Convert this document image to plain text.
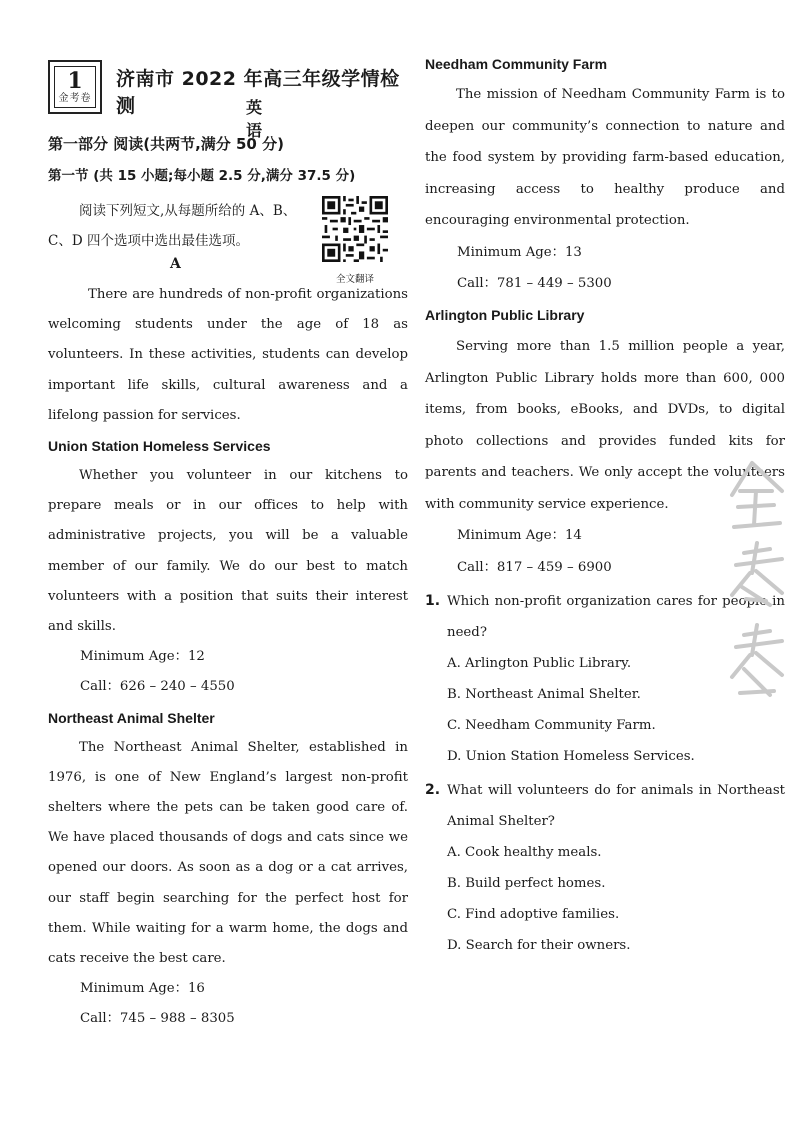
1
金考卷
济南市 2022 年高三年级学情检测	英 语
第一部分 阅读(共两节,满分 50 分)
第一节 (共 15 小题;每小题 2.5 分,满分 37.5 分)

阅读下列短文,从每题所给的 A、B、C、D 四个选项中选出最佳选项。

全文翻译
A

There are hundreds of non-profit organizations welcoming students under the age of 18 as volunteers. In these activities, students can develop important life skills, cultural awareness and a lifelong passion for services.

Union Station Homeless Services

Whether you volunteer in our kitchens to prepare meals or in our offices to help with administrative projects, you will be a valuable member of our family. We do our best to match volunteers with a position that suits their interest and skills.

Minimum Age：12

Call：626 – 240 – 4550

Northeast Animal Shelter

The Northeast Animal Shelter, established in 1976, is one of New England’s largest non-profit shelters where the pets can be taken good care of. We have placed thousands of dogs and cats since we opened our doors. As soon as a dog or a cat arrives, our staff begin searching for the perfect host for them. While waiting for a warm home, the dogs and cats receive the best care.

Minimum Age：16

Call：745 – 988 – 8305

Needham Community Farm

The mission of Needham Community Farm is to deepen our community’s connection to nature and the food system by providing farm-based education, increasing access to healthy produce and encouraging environmental protection.

Minimum Age：13

Call：781 – 449 – 5300

Arlington Public Library

Serving more than 1.5 million people a year, Arlington Public Library holds more than 600, 000 items, from books, eBooks, and DVDs, to digital photo collections and provides funded kits for parents and teachers. We only accept the volunteers with community service experience.

Minimum Age：14

Call：817 – 459 – 6900

1. Which non-profit organization cares for people in need?
A. Arlington Public Library.
B. Northeast Animal Shelter.
C. Needham Community Farm.
D. Union Station Homeless Services.
2. What will volunteers do for animals in Northeast Animal Shelter?
A. Cook healthy meals.
B. Build perfect homes.
C. Find adoptive families.
D. Search for their owners.
